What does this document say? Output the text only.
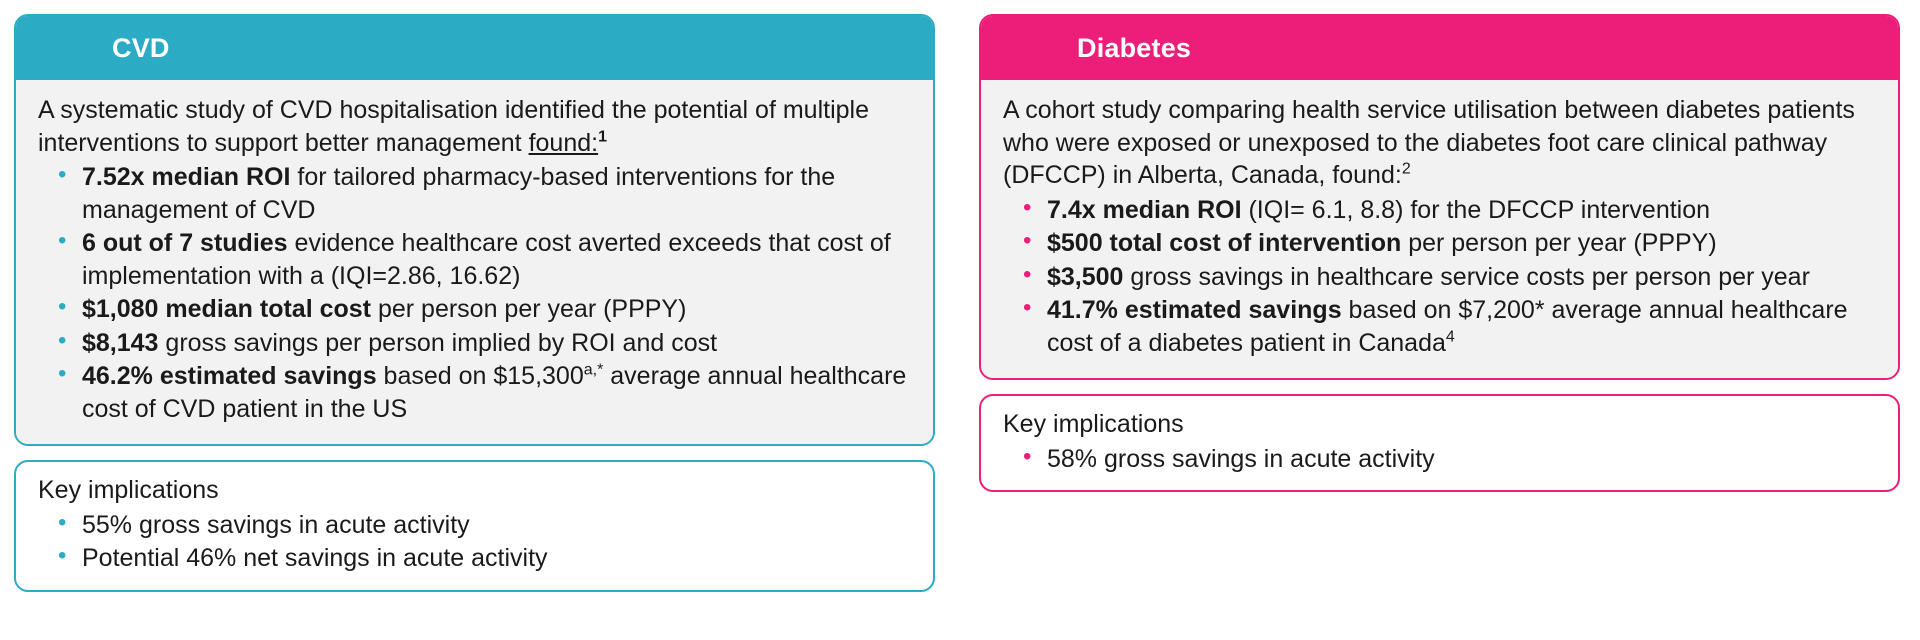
CVD

A systematic study of CVD hospitalisation identified the potential of multiple interventions to support better management found:$^1$

• 7.52x median ROI for tailored pharmacy-based interventions for the management of CVD
• 6 out of 7 studies evidence healthcare cost averted exceeds that cost of implementation with a (IQI=2.86, 16.62)
• $1,080 median total cost per person per year (PPPY)
• $8,143 gross savings per person implied by ROI and cost
• 46.2% estimated savings based on $\$15,300^{a,*}$ average annual healthcare cost of CVD patient in the US
Key implications
• 55% gross savings in acute activity
• Potential 46% net savings in acute activity
Diabetes

A cohort study comparing health service utilisation between diabetes patients who were exposed or unexposed to the diabetes foot care clinical pathway (DFCCP) in Alberta, Canada, found:$^2$

• 7.4x median ROI (IQI= 6.1, 8.8) for the DFCCP intervention
• $500 total cost of intervention per person per year (PPPY)
• $3,500 gross savings in healthcare service costs per person per year
• 41.7% estimated savings based on $7,200* average annual healthcare cost of a diabetes patient in Canada$^4$
Key implications
• 58% gross savings in acute activity
